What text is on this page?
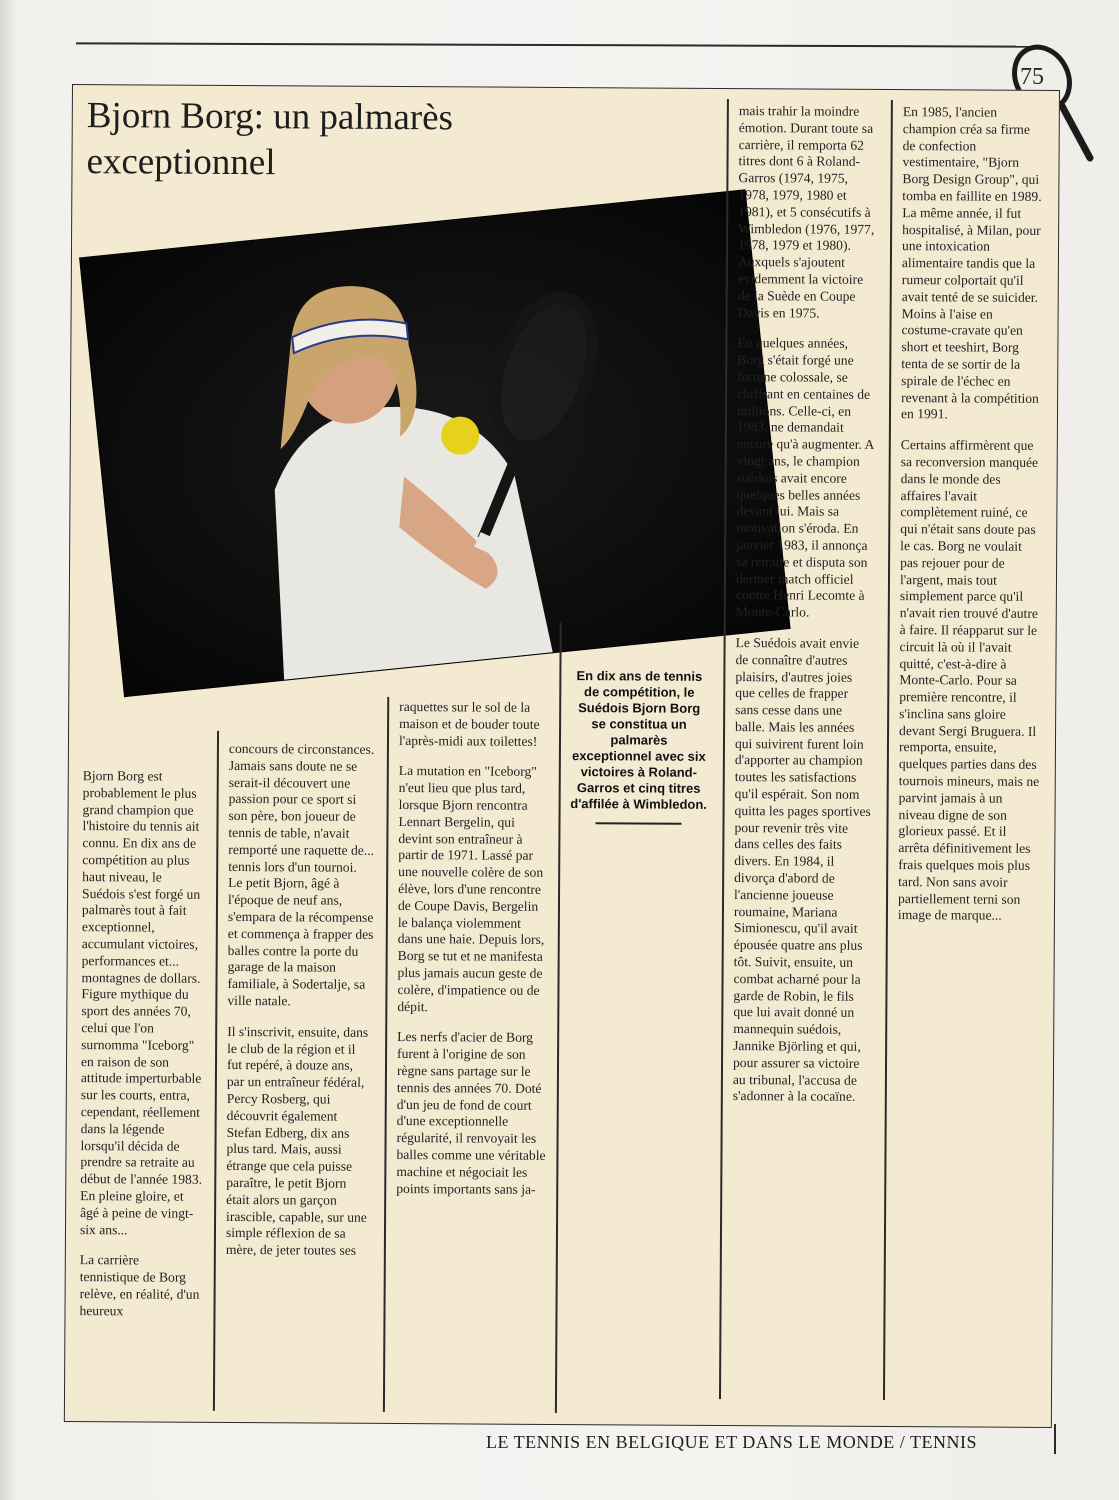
75
Bjorn Borg: un palmarès exceptionnel

Bjorn Borg est probablement le plus grand champion que l'histoire du tennis ait connu. En dix ans de compétition au plus haut niveau, le Suédois s'est forgé un palmarès tout à fait exceptionnel, accumulant victoires, performances et... montagnes de dollars. Figure mythique du sport des années 70, celui que l'on surnomma "Iceborg" en raison de son attitude imperturbable sur les courts, entra, cependant, réellement dans la légende lorsqu'il décida de prendre sa retraite au début de l'année 1983. En pleine gloire, et âgé à peine de vingt-six ans...

La carrière tennistique de Borg relève, en réalité, d'un heureux

concours de circonstances. Jamais sans doute ne se serait-il découvert une passion pour ce sport si son père, bon joueur de tennis de table, n'avait remporté une raquette de... tennis lors d'un tournoi. Le petit Bjorn, âgé à l'époque de neuf ans, s'empara de la récompense et commença à frapper des balles contre la porte du garage de la maison familiale, à Sodertalje, sa ville natale.

Il s'inscrivit, ensuite, dans le club de la région et il fut repéré, à douze ans, par un entraîneur fédéral, Percy Rosberg, qui découvrit également Stefan Edberg, dix ans plus tard. Mais, aussi étrange que cela puisse paraître, le petit Bjorn était alors un garçon irascible, capable, sur une simple réflexion de sa mère, de jeter toutes ses

raquettes sur le sol de la maison et de bouder toute l'après-midi aux toilettes!

La mutation en "Iceborg" n'eut lieu que plus tard, lorsque Bjorn rencontra Lennart Bergelin, qui devint son entraîneur à partir de 1971. Lassé par une nouvelle colère de son élève, lors d'une rencontre de Coupe Davis, Bergelin le balança violemment dans une haie. Depuis lors, Borg se tut et ne manifesta plus jamais aucun geste de colère, d'impatience ou de dépit.

Les nerfs d'acier de Borg furent à l'origine de son règne sans partage sur le tennis des années 70. Doté d'un jeu de fond de court d'une exceptionnelle régularité, il renvoyait les balles comme une véritable machine et négociait les points importants sans ja-

En dix ans de tennis de compétition, le Suédois Bjorn Borg se constitua un palmarès exceptionnel avec six victoires à Roland-Garros et cinq titres d'affilée à Wimbledon.

mais trahir la moindre émotion. Durant toute sa carrière, il remporta 62 titres dont 6 à Roland-Garros (1974, 1975, 1978, 1979, 1980 et 1981), et 5 consécutifs à Wimbledon (1976, 1977, 1978, 1979 et 1980). Auxquels s'ajoutent évidemment la victoire de la Suède en Coupe Davis en 1975.

En quelques années, Borg s'était forgé une fortune colossale, se chiffrant en centaines de millions. Celle-ci, en 1983, ne demandait encore qu'à augmenter. A vingt ans, le champion suédois avait encore quelques belles années devant lui. Mais sa motivation s'éroda. En janvier 1983, il annonça sa retraite et disputa son dernier match officiel contre Henri Lecomte à Monte-Carlo.

Le Suédois avait envie de connaître d'autres plaisirs, d'autres joies que celles de frapper sans cesse dans une balle. Mais les années qui suivirent furent loin d'apporter au champion toutes les satisfactions qu'il espérait. Son nom quitta les pages sportives pour revenir très vite dans celles des faits divers. En 1984, il divorça d'abord de l'ancienne joueuse roumaine, Mariana Simionescu, qu'il avait épousée quatre ans plus tôt. Suivit, ensuite, un combat acharné pour la garde de Robin, le fils que lui avait donné un mannequin suédois, Jannike Björling et qui, pour assurer sa victoire au tribunal, l'accusa de s'adonner à la cocaïne.

En 1985, l'ancien champion créa sa firme de confection vestimentaire, "Bjorn Borg Design Group", qui tomba en faillite en 1989. La même année, il fut hospitalisé, à Milan, pour une intoxication alimentaire tandis que la rumeur colportait qu'il avait tenté de se suicider. Moins à l'aise en costume-cravate qu'en short et teeshirt, Borg tenta de se sortir de la spirale de l'échec en revenant à la compétition en 1991.

Certains affirmèrent que sa reconversion manquée dans le monde des affaires l'avait complètement ruiné, ce qui n'était sans doute pas le cas. Borg ne voulait pas rejouer pour de l'argent, mais tout simplement parce qu'il n'avait rien trouvé d'autre à faire. Il réapparut sur le circuit là où il l'avait quitté, c'est-à-dire à Monte-Carlo. Pour sa première rencontre, il s'inclina sans gloire devant Sergi Bruguera. Il remporta, ensuite, quelques parties dans des tournois mineurs, mais ne parvint jamais à un niveau digne de son glorieux passé. Et il arrêta définitivement les frais quelques mois plus tard. Non sans avoir partiellement terni son image de marque...

LE TENNIS EN BELGIQUE ET DANS LE MONDE / TENNIS
